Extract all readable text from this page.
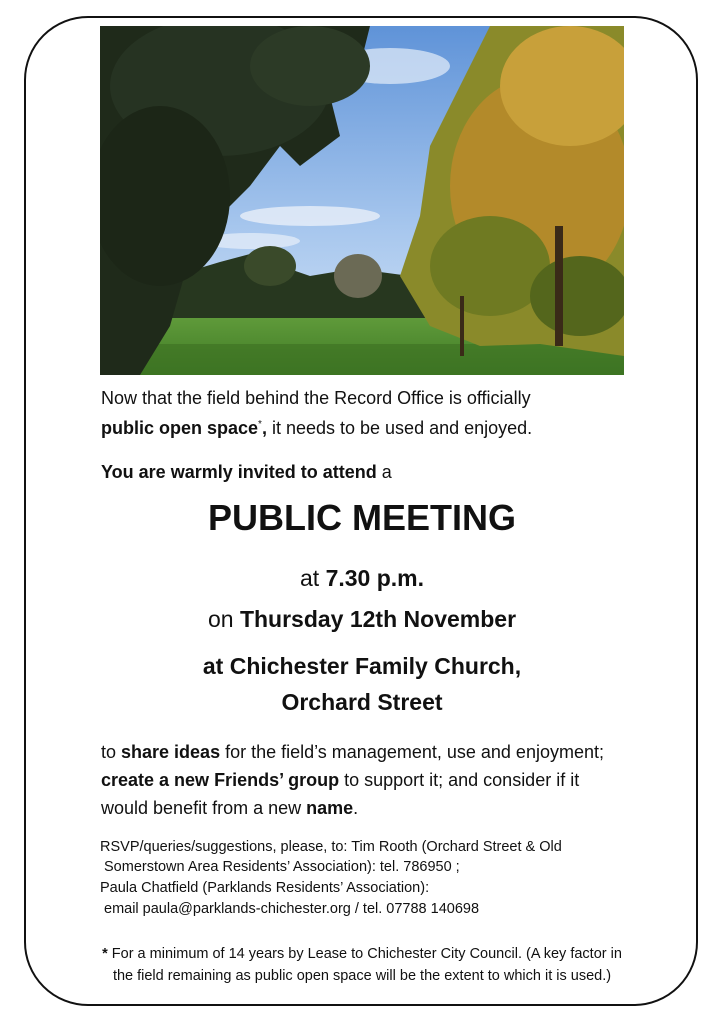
Now that the field behind the Record Office is officially

public open space*, it needs to be used and enjoyed.

You are warmly invited to attend a

PUBLIC MEETING

at 7.30 p.m.

on Thursday 12th November

at Chichester Family Church,
Orchard Street

to share ideas for the field’s management, use and enjoyment;
create a new Friends’ group to support it; and consider if it
would benefit from a new name.

RSVP/queries/suggestions, please, to: Tim Rooth (Orchard Street & Old

Somerstown Area Residents’ Association): tel. 786950 ;

Paula Chatfield (Parklands Residents’ Association):

email paula@parklands-chichester.org / tel. 07788 140698

* For a minimum of 14 years by Lease to Chichester City Council. (A key factor in
the field remaining as public open space will be the extent to which it is used.)
